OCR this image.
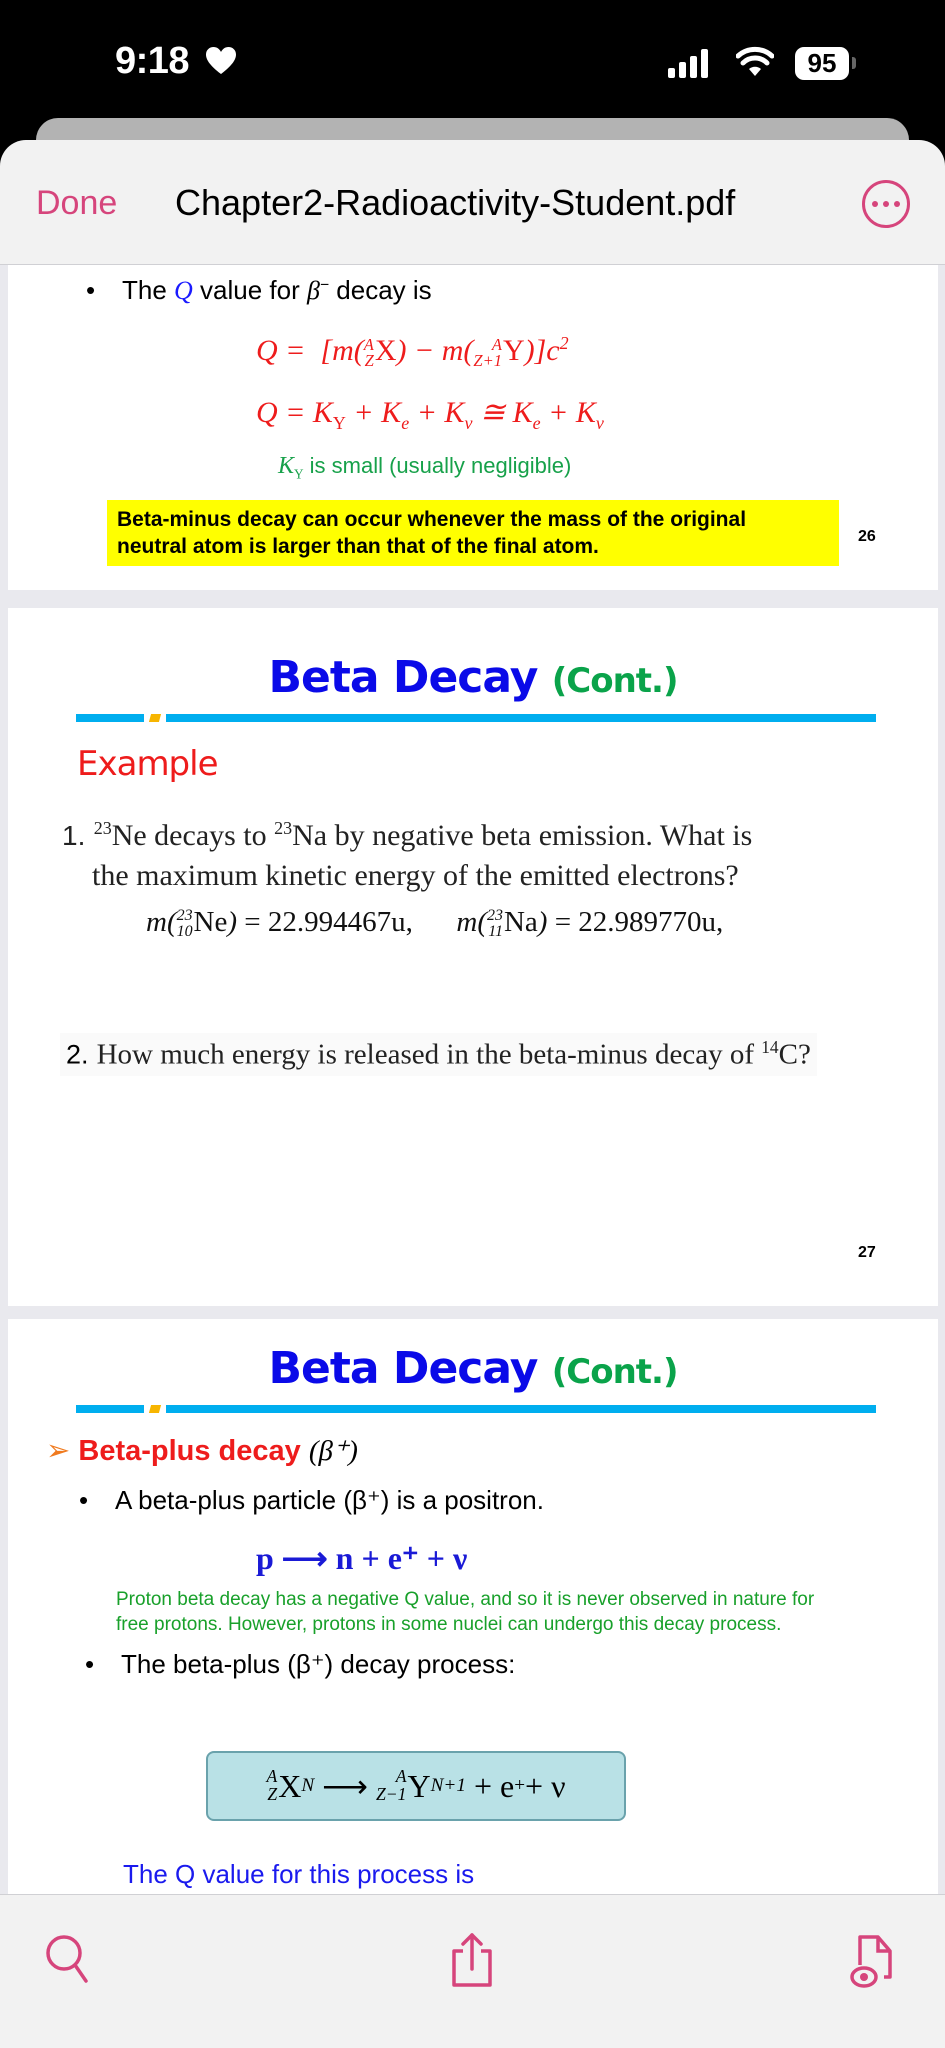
9:18	95
Done Chapter2-Radioactivity-Student.pdf
• The Q value for β− decay is
Q =  [m( A
Z X) − m(	A
Z+1 $Y)]c^2$
$Q = K_Y + K_e + K_\nu$ ≅ $K_e + K_\nu$
$K_Y$ is small (usually negligible)
Beta-minus decay can occur whenever the mass of the original
neutral atom is larger than that of the final atom.	26
Beta Decay (Cont.)
Example
1. $^{23}$Ne decays to $^{23}$Na by negative beta emission. What is
the maximum kinetic energy of the emitted electrons?
m( 23
10 Ne) = 22.994467u,      m( 23
11 Na) = 22.989770u,
2. How much energy is released in the beta-minus decay of $^{14}$C?
27
Beta Decay (Cont.)
➢ Beta-plus decay (β⁺)
• A beta-plus particle (β⁺) is a positron.
p ⟶ n + e⁺ + ν
Proton beta decay has a negative Q value, and so it is never observed in nature for
free protons. However, protons in some nuclei can undergo this decay process.
• The beta-plus (β⁺) decay process:
A
Z X N ⟶	A
Z−1 Y N+1 + e + + ν
The Q value for this process is
